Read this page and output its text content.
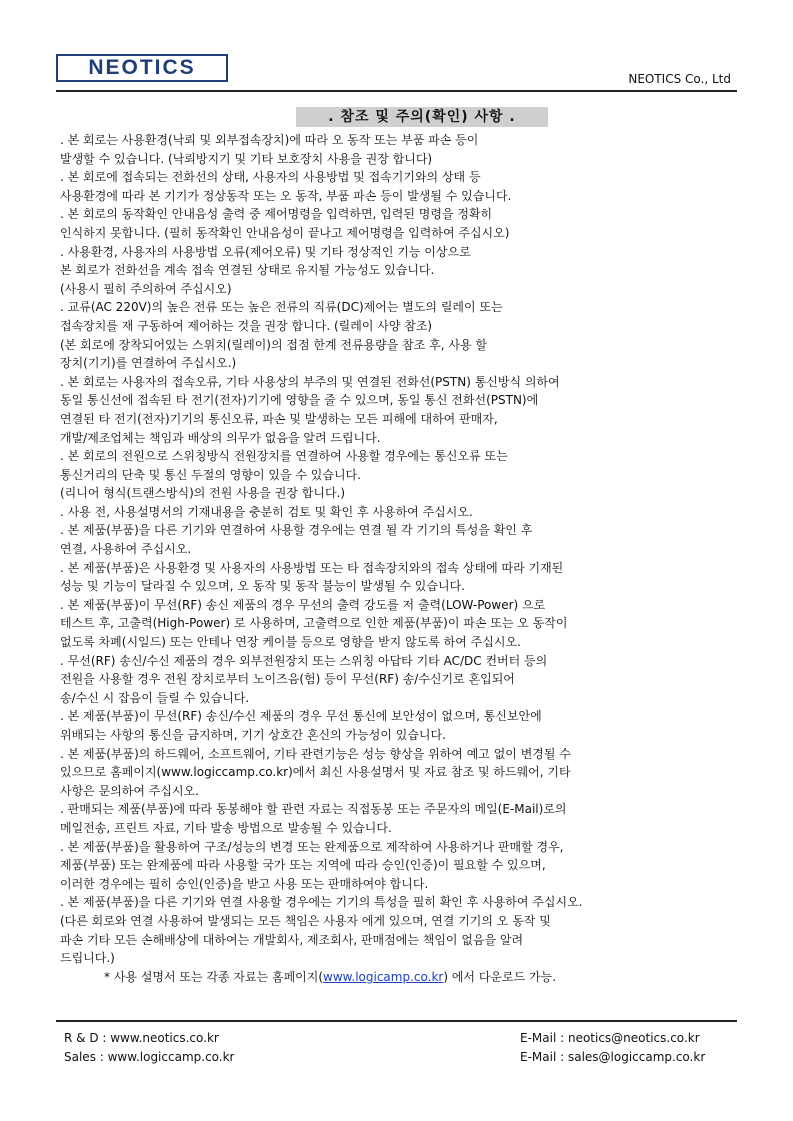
NEOTICS	NEOTICS Co., Ltd
. 참조 및 주의(확인) 사항 .
. 본 회로는 사용환경(낙뢰 및 외부접속장치)에 따라 오 동작 또는 부품 파손 등이
발생할 수 있습니다. (낙뢰방지기 및 기타 보호장치 사용을 권장 합니다)
. 본 회로에 접속되는 전화선의 상태, 사용자의 사용방법 및 접속기기와의 상태 등
사용환경에 따라 본 기기가 정상동작 또는 오 동작, 부품 파손 등이 발생될 수 있습니다.
. 본 회로의 동작확인 안내음성 출력 중 제어명령을 입력하면, 입력된 명령을 정확히
인식하지 못합니다. (필히 동작확인 안내음성이 끝나고 제어명령을 입력하여 주십시오)
. 사용환경, 사용자의 사용방법 오류(제어오류) 및 기타 정상적인 기능 이상으로
본 회로가 전화선을 계속 접속 연결된 상태로 유지될 가능성도 있습니다.
(사용시 필히 주의하여 주십시오)
. 교류(AC 220V)의 높은 전류 또는 높은 전류의 직류(DC)제어는 별도의 릴레이 또는
접속장치를 재 구동하여 제어하는 것을 권장 합니다. (릴레이 사양 참조)
(본 회로에 장착되어있는 스위치(릴레이)의 접점 한계 전류용량을 참조 후, 사용 할
장치(기기)를 연결하여 주십시오.)
. 본 회로는 사용자의 접속오류, 기타 사용상의 부주의 및 연결된 전화선(PSTN) 통신방식 의하여
동일 통신선에 접속된 타 전기(전자)기기에 영향을 줄 수 있으며, 동일 통신 전화선(PSTN)에
연결된 타 전기(전자)기기의 통신오류, 파손 및 발생하는 모든 피해에 대하여 판매자,
개발/제조업체는 책임과 배상의 의무가 없음을 알려 드립니다.
. 본 회로의 전원으로 스위칭방식 전원장치를 연결하여 사용할 경우에는 통신오류 또는
통신거리의 단축 및 통신 두절의 영향이 있을 수 있습니다.
(리니어 형식(트랜스방식)의 전원 사용을 권장 합니다.)
. 사용 전, 사용설명서의 기재내용을 충분히 검토 및 확인 후 사용하여 주십시오.
. 본 제품(부품)을 다른 기기와 연결하여 사용할 경우에는 연결 될 각 기기의 특성을 확인 후
연결, 사용하여 주십시오.
. 본 제품(부품)은 사용환경 및 사용자의 사용방법 또는 타 접속장치와의 접속 상태에 따라 기재된
성능 및 기능이 달라질 수 있으며, 오 동작 및 동작 불능이 발생될 수 있습니다.
. 본 제품(부품)이 무선(RF) 송신 제품의 경우 무선의 출력 강도를 저 출력(LOW-Power) 으로
테스트 후, 고출력(High-Power) 로 사용하며, 고출력으로 인한 제품(부품)이 파손 또는 오 동작이
없도록 차폐(시일드) 또는 안테나 연장 케이블 등으로 영향을 받지 않도록 하여 주십시오.
. 무선(RF) 송신/수신 제품의 경우 외부전원장치 또는 스위칭 아답타 기타 AC/DC 컨버터 등의
전원을 사용할 경우 전원 장치로부터 노이즈음(험) 등이 무선(RF) 송/수신기로 혼입되어
송/수신 시 잡음이 들릴 수 있습니다.
. 본 제품(부품)이 무선(RF) 송신/수신 제품의 경우 무선 통신에 보안성이 없으며, 통신보안에
위배되는 사항의 통신을 금지하며, 기기 상호간 혼신의 가능성이 있습니다.
. 본 제품(부품)의 하드웨어, 소프트웨어, 기타 관련기능은 성능 향상을 위하여 예고 없이 변경될 수
있으므로 홈페이지(www.logiccamp.co.kr)에서 최신 사용설명서 및 자료 참조 및 하드웨어, 기타
사항은 문의하여 주십시오.
. 판매되는 제품(부품)에 따라 동봉해야 할 관련 자료는 직접동봉 또는 주문자의 메일(E-Mail)로의
메일전송, 프린트 자료, 기타 발송 방법으로 발송될 수 있습니다.
. 본 제품(부품)을 활용하여 구조/성능의 변경 또는 완제품으로 제작하여 사용하거나 판매할 경우,
제품(부품) 또는 완제품에 따라 사용할 국가 또는 지역에 따라 승인(인증)이 필요할 수 있으며,
이러한 경우에는 필히 승인(인증)을 받고 사용 또는 판매하여야 합니다.
. 본 제품(부품)을 다른 기기와 연결 사용할 경우에는 기기의 특성을 필히 확인 후 사용하여 주십시오.
(다른 회로와 연결 사용하여 발생되는 모든 책임은 사용자 에게 있으며, 연결 기기의 오 동작 및
파손 기타 모든 손해배상에 대하여는 개발회사, 제조회사, 판매점에는 책임이 없음을 알려
드립니다.)
* 사용 설명서 또는 각종 자료는 홈페이지(www.logicamp.co.kr) 에서 다운로드 가능.
R & D : www.neotics.co.kr
Sales : www.logiccamp.co.kr
E-Mail : neotics@neotics.co.kr
E-Mail : sales@logiccamp.co.kr
